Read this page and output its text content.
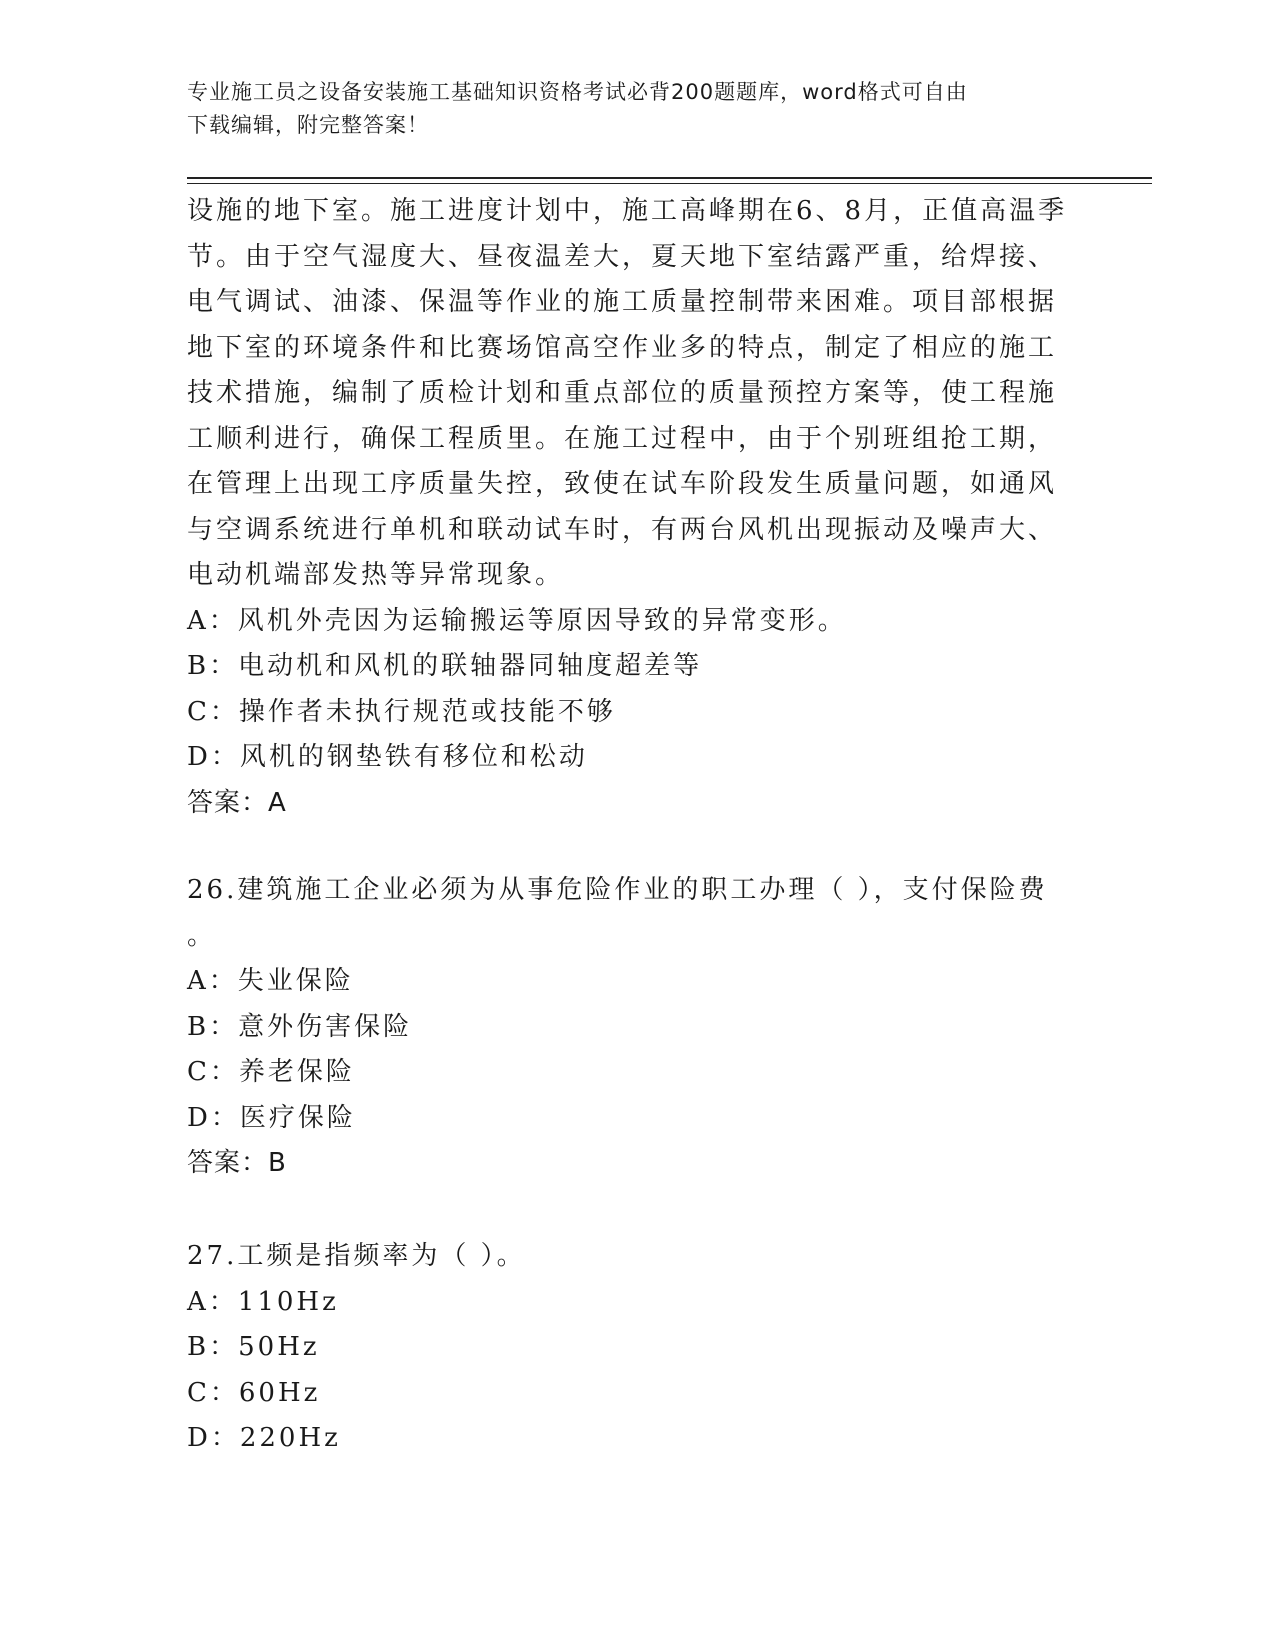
专业施工员之设备安装施工基础知识资格考试必背200题题库，word格式可自由
下载编辑，附完整答案！
设施的地下室。施工进度计划中，施工高峰期在6、8月，正值高温季
节。由于空气湿度大、昼夜温差大，夏天地下室结露严重，给焊接、
电气调试、油漆、保温等作业的施工质量控制带来困难。项目部根据
地下室的环境条件和比赛场馆高空作业多的特点，制定了相应的施工
技术措施，编制了质检计划和重点部位的质量预控方案等，使工程施
工顺利进行，确保工程质里。在施工过程中，由于个别班组抢工期，
在管理上出现工序质量失控，致使在试车阶段发生质量问题，如通风
与空调系统进行单机和联动试车时，有两台风机出现振动及噪声大、
电动机端部发热等异常现象。
A：风机外壳因为运输搬运等原因导致的异常变形。
B：电动机和风机的联轴器同轴度超差等
C：操作者未执行规范或技能不够
D：风机的钢垫铁有移位和松动
答案：A
26.建筑施工企业必须为从事危险作业的职工办理（ ），支付保险费
。
A：失业保险
B：意外伤害保险
C：养老保险
D：医疗保险
答案：B
27.工频是指频率为（ ）。
A：110Hz
B：50Hz
C：60Hz
D：220Hz
